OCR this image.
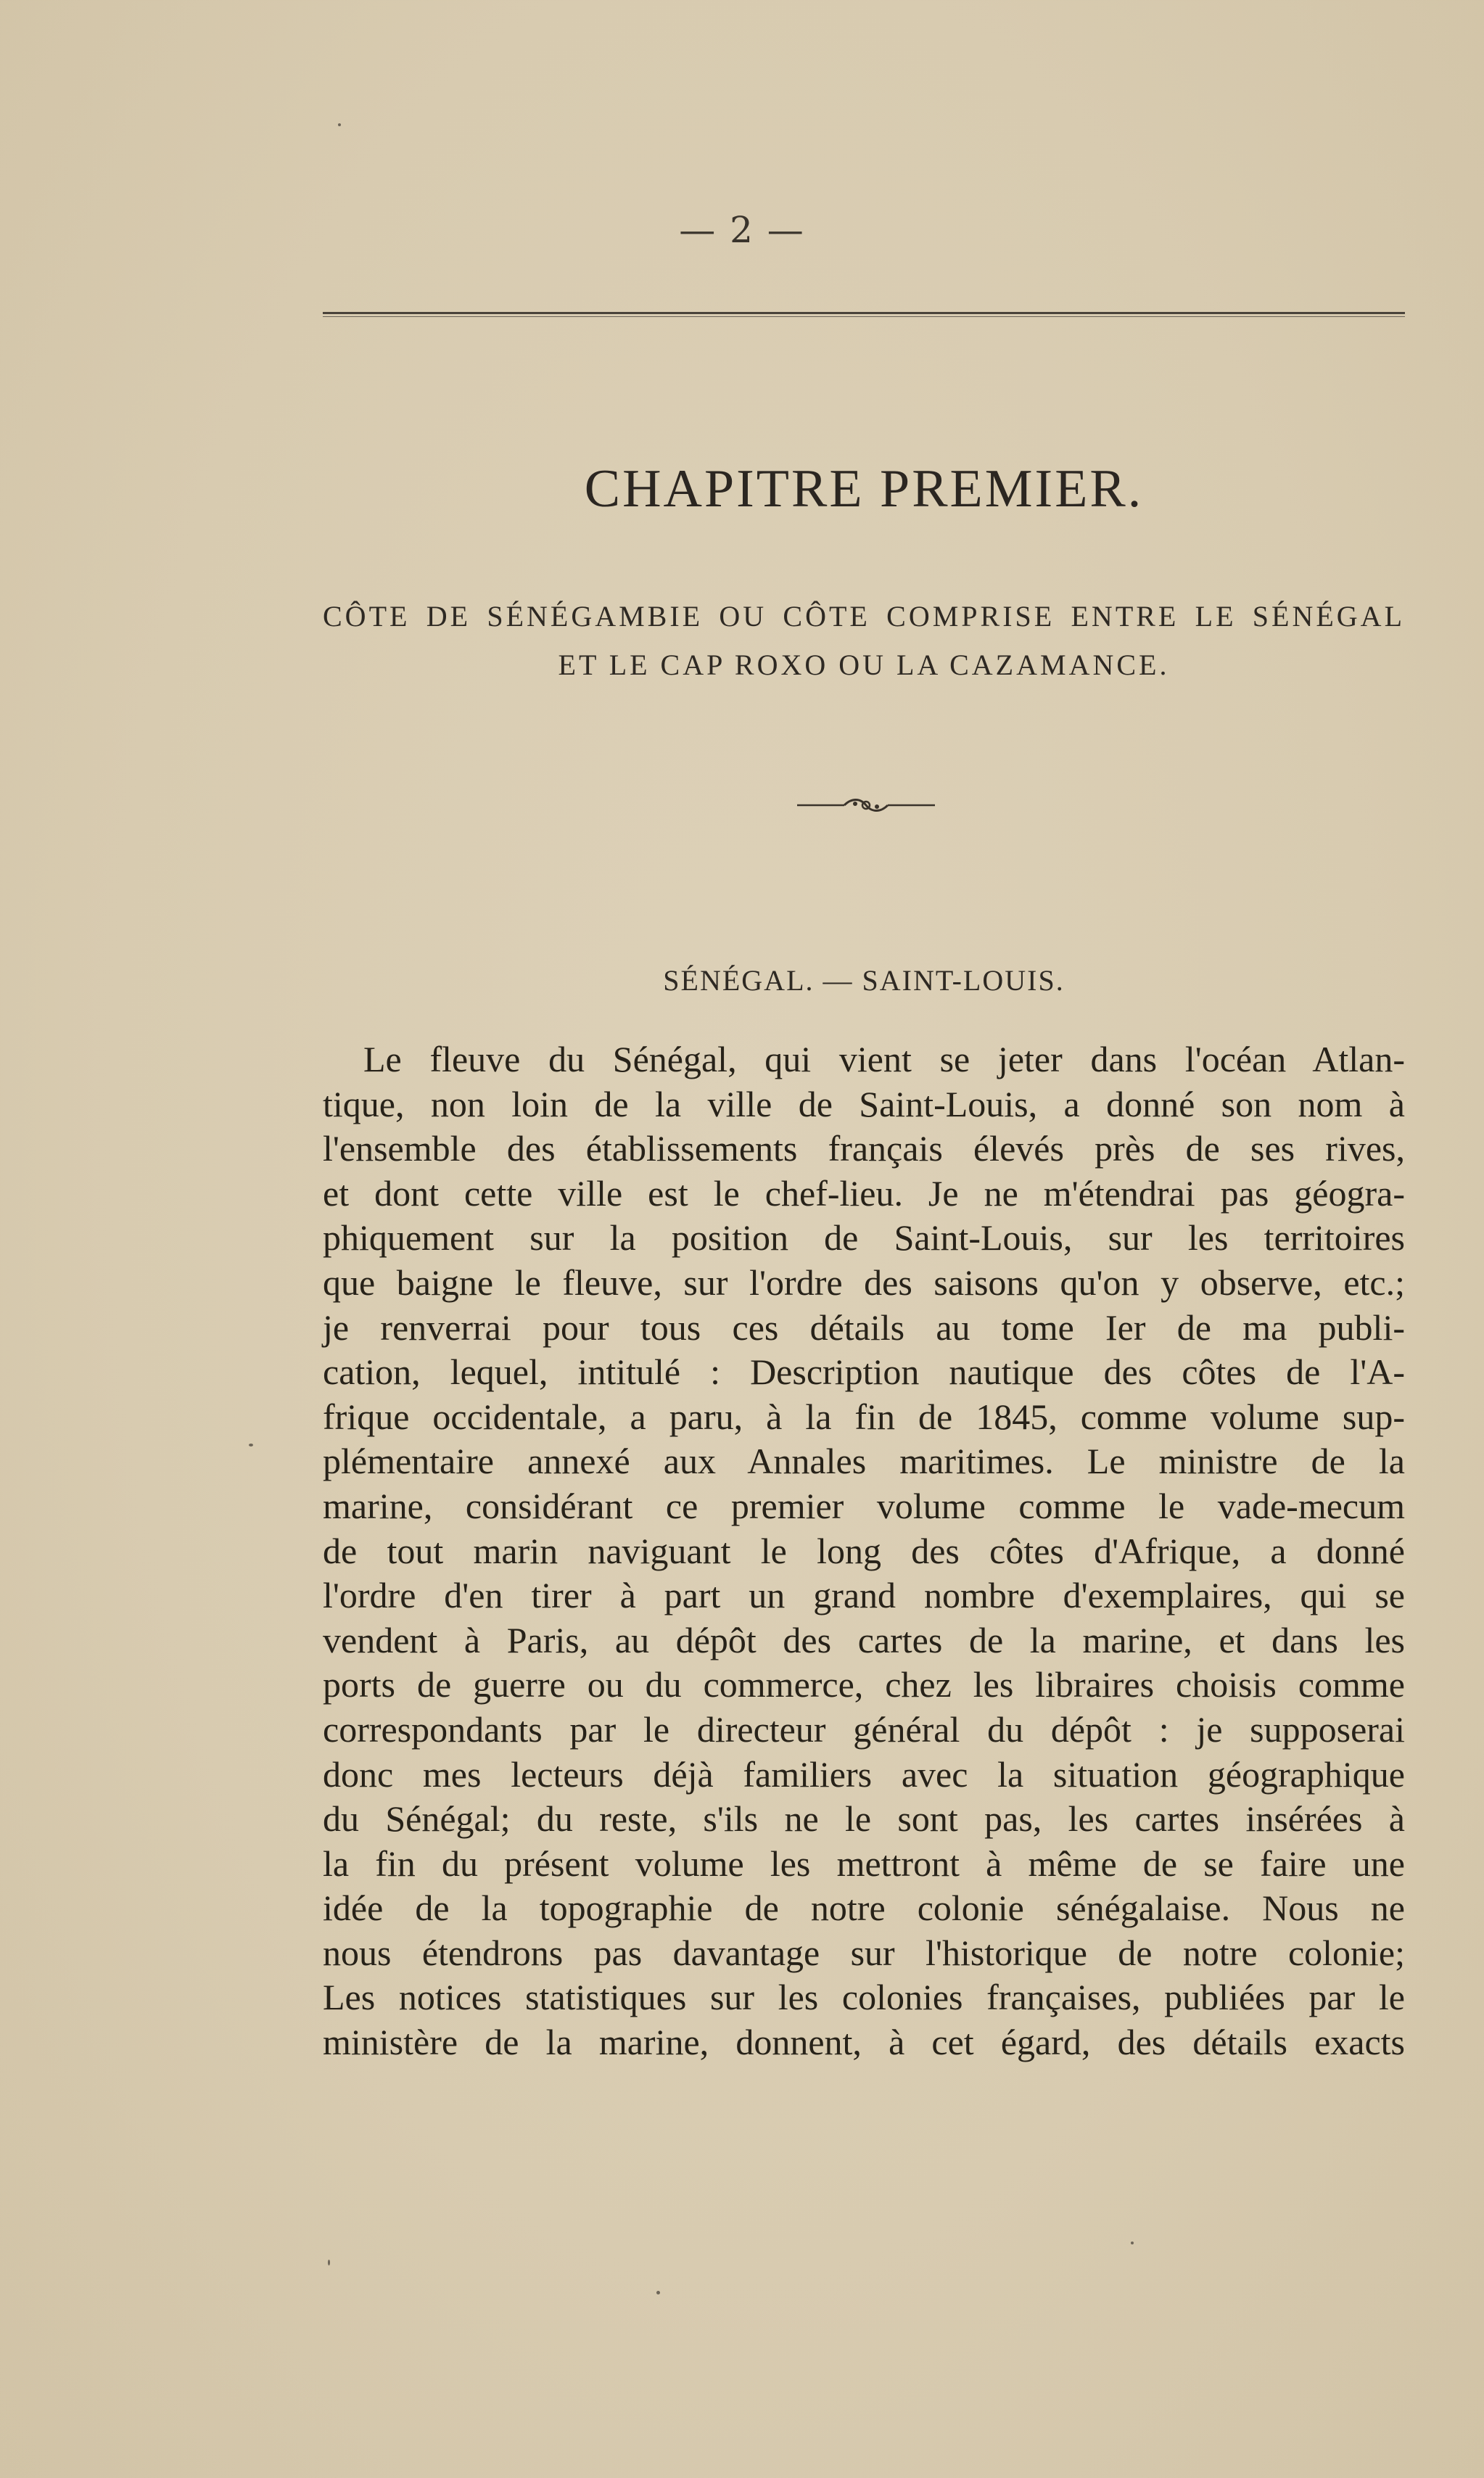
— 2 —
CHAPITRE PREMIER.
CÔTE DE SÉNÉGAMBIE OU CÔTE COMPRISE ENTRE LE SÉNÉGAL
ET LE CAP ROXO OU LA CAZAMANCE.
SÉNÉGAL. — SAINT-LOUIS.
Le fleuve du Sénégal, qui vient se jeter dans l'océan Atlan-
tique, non loin de la ville de Saint-Louis, a donné son nom à
l'ensemble des établissements français élevés près de ses rives,
et dont cette ville est le chef-lieu. Je ne m'étendrai pas géogra-
phiquement sur la position de Saint-Louis, sur les territoires
que baigne le fleuve, sur l'ordre des saisons qu'on y observe, etc.;
je renverrai pour tous ces détails au tome Ier de ma publi-
cation, lequel, intitulé : Description nautique des côtes de l'A-
frique occidentale, a paru, à la fin de 1845, comme volume sup-
plémentaire annexé aux Annales maritimes. Le ministre de la
marine, considérant ce premier volume comme le vade-mecum
de tout marin naviguant le long des côtes d'Afrique, a donné
l'ordre d'en tirer à part un grand nombre d'exemplaires, qui se
vendent à Paris, au dépôt des cartes de la marine, et dans les
ports de guerre ou du commerce, chez les libraires choisis comme
correspondants par le directeur général du dépôt : je supposerai
donc mes lecteurs déjà familiers avec la situation géographique
du Sénégal; du reste, s'ils ne le sont pas, les cartes insérées à
la fin du présent volume les mettront à même de se faire une
idée de la topographie de notre colonie sénégalaise. Nous ne
nous étendrons pas davantage sur l'historique de notre colonie;
Les notices statistiques sur les colonies françaises, publiées par le
ministère de la marine, donnent, à cet égard, des détails exacts
